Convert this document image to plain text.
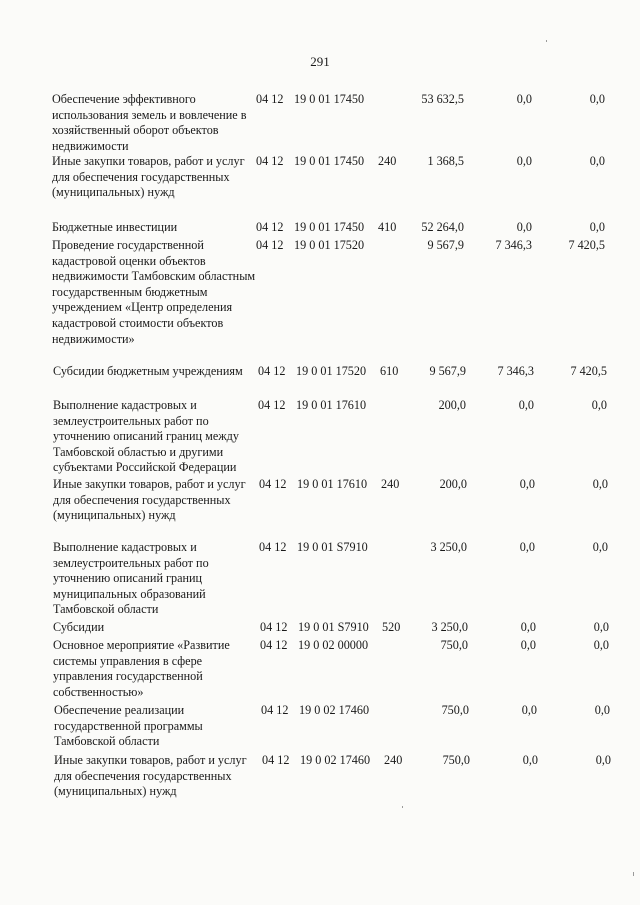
291
Обеспечение эффективного использования земель и вовлечение в хозяйственный оборот объектов недвижимости
04 12 19 0 01 17450	53 632,5	0,0	0,0
Иные закупки товаров, работ и услуг для обеспечения государственных (муниципальных) нужд
04 12 19 0 01 17450 240	1 368,5	0,0	0,0
Бюджетные инвестиции	04 12 19 0 01 17450 410	52 264,0	0,0	0,0
Проведение государственной кадастровой оценки объектов недвижимости Тамбовским областным государственным бюджетным учреждением «Центр определения кадастровой стоимости объектов недвижимости»
04 12 19 0 01 17520	9 567,9	7 346,3	7 420,5
Субсидии бюджетным учреждениям	04 12 19 0 01 17520 610	9 567,9	7 346,3	7 420,5
Выполнение кадастровых и землеустроительных работ по уточнению описаний границ между Тамбовской областью и другими субъектами Российской Федерации
04 12 19 0 01 17610	200,0	0,0	0,0
Иные закупки товаров, работ и услуг для обеспечения государственных (муниципальных) нужд
04 12 19 0 01 17610 240	200,0	0,0	0,0
Выполнение кадастровых и землеустроительных работ по уточнению описаний границ муниципальных образований Тамбовской области
04 12 19 0 01 S7910	3 250,0	0,0	0,0
Субсидии	04 12 19 0 01 S7910 520	3 250,0	0,0	0,0
Основное мероприятие «Развитие системы управления в сфере управления государственной собственностью»
04 12 19 0 02 00000	750,0	0,0	0,0
Обеспечение реализации государственной программы Тамбовской области
04 12 19 0 02 17460	750,0	0,0	0,0
Иные закупки товаров, работ и услуг для обеспечения государственных (муниципальных) нужд
04 12 19 0 02 17460 240	750,0	0,0	0,0
